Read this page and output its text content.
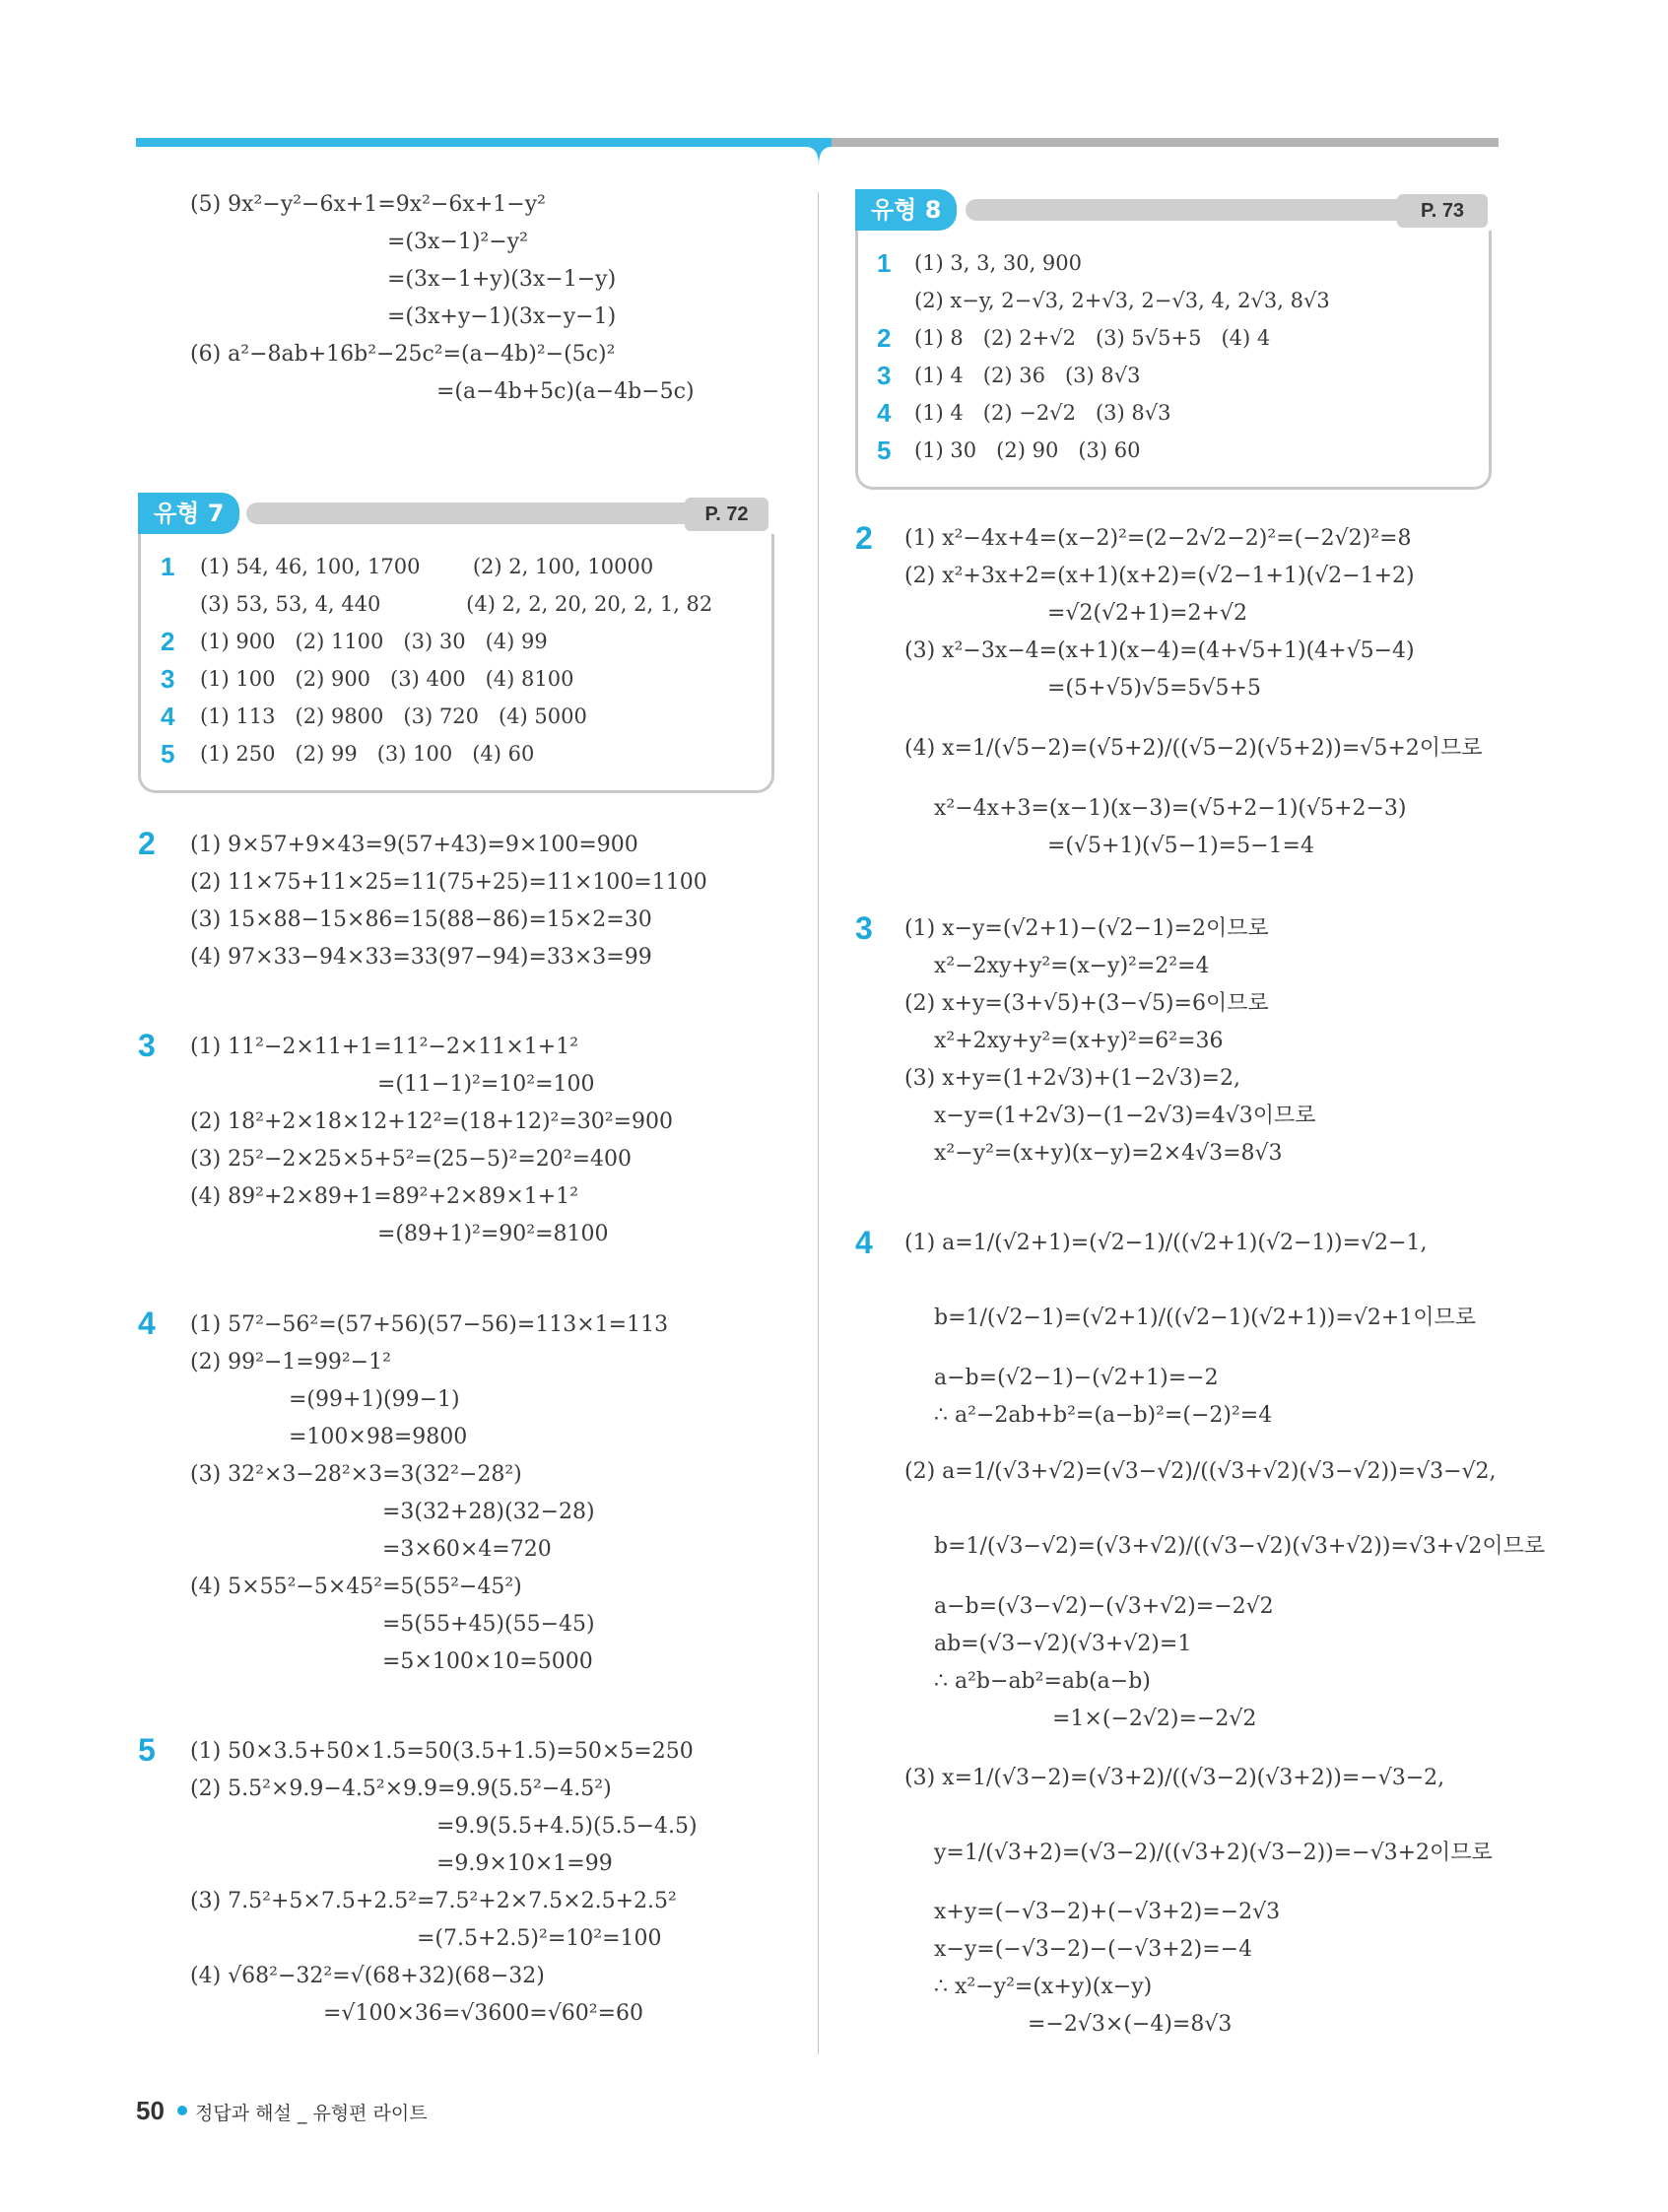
(5) 9x²−y²−6x+1=9x²−6x+1−y²
=(3x−1)²−y²
=(3x−1+y)(3x−1−y)
=(3x+y−1)(3x−y−1)
(6) a²−8ab+16b²−25c²=(a−4b)²−(5c)²
=(a−4b+5c)(a−4b−5c)
유형 7	P. 72
1 (1) 54, 46, 100, 1700        (2) 2, 100, 10000
(3) 53, 53, 4, 440             (4) 2, 2, 20, 20, 2, 1, 82
2 (1) 900   (2) 1100   (3) 30   (4) 99
3 (1) 100   (2) 900   (3) 400   (4) 8100
4 (1) 113   (2) 9800   (3) 720   (4) 5000
5 (1) 250   (2) 99   (3) 100   (4) 60
2 (1) 9×57+9×43=9(57+43)=9×100=900
(2) 11×75+11×25=11(75+25)=11×100=1100
(3) 15×88−15×86=15(88−86)=15×2=30
(4) 97×33−94×33=33(97−94)=33×3=99
3 (1) 11²−2×11+1=11²−2×11×1+1²
=(11−1)²=10²=100
(2) 18²+2×18×12+12²=(18+12)²=30²=900
(3) 25²−2×25×5+5²=(25−5)²=20²=400
(4) 89²+2×89+1=89²+2×89×1+1²
=(89+1)²=90²=8100
4 (1) 57²−56²=(57+56)(57−56)=113×1=113
(2) 99²−1=99²−1²
=(99+1)(99−1)
=100×98=9800
(3) 32²×3−28²×3=3(32²−28²)
=3(32+28)(32−28)
=3×60×4=720
(4) 5×55²−5×45²=5(55²−45²)
=5(55+45)(55−45)
=5×100×10=5000
5 (1) 50×3.5+50×1.5=50(3.5+1.5)=50×5=250
(2) 5.5²×9.9−4.5²×9.9=9.9(5.5²−4.5²)
=9.9(5.5+4.5)(5.5−4.5)
=9.9×10×1=99
(3) 7.5²+5×7.5+2.5²=7.5²+2×7.5×2.5+2.5²
=(7.5+2.5)²=10²=100
(4) √68²−32²=√(68+32)(68−32)
=√100×36=√3600=√60²=60
유형 8	P. 73
1 (1) 3, 3, 30, 900
(2) x−y, 2−√3, 2+√3, 2−√3, 4, 2√3, 8√3
2 (1) 8   (2) 2+√2   (3) 5√5+5   (4) 4
3 (1) 4   (2) 36   (3) 8√3
4 (1) 4   (2) −2√2   (3) 8√3
5 (1) 30   (2) 90   (3) 60
2 (1) x²−4x+4=(x−2)²=(2−2√2−2)²=(−2√2)²=8
(2) x²+3x+2=(x+1)(x+2)=(√2−1+1)(√2−1+2)
=√2(√2+1)=2+√2
(3) x²−3x−4=(x+1)(x−4)=(4+√5+1)(4+√5−4)
=(5+√5)√5=5√5+5
(4) x=1/(√5−2)=(√5+2)/((√5−2)(√5+2))=√5+2이므로
x²−4x+3=(x−1)(x−3)=(√5+2−1)(√5+2−3)
=(√5+1)(√5−1)=5−1=4
3 (1) x−y=(√2+1)−(√2−1)=2이므로
x²−2xy+y²=(x−y)²=2²=4
(2) x+y=(3+√5)+(3−√5)=6이므로
x²+2xy+y²=(x+y)²=6²=36
(3) x+y=(1+2√3)+(1−2√3)=2,
x−y=(1+2√3)−(1−2√3)=4√3이므로
x²−y²=(x+y)(x−y)=2×4√3=8√3
4 (1) a=1/(√2+1)=(√2−1)/((√2+1)(√2−1))=√2−1,
b=1/(√2−1)=(√2+1)/((√2−1)(√2+1))=√2+1이므로
a−b=(√2−1)−(√2+1)=−2
∴ a²−2ab+b²=(a−b)²=(−2)²=4
(2) a=1/(√3+√2)=(√3−√2)/((√3+√2)(√3−√2))=√3−√2,
b=1/(√3−√2)=(√3+√2)/((√3−√2)(√3+√2))=√3+√2이므로
a−b=(√3−√2)−(√3+√2)=−2√2
ab=(√3−√2)(√3+√2)=1
∴ a²b−ab²=ab(a−b)
=1×(−2√2)=−2√2
(3) x=1/(√3−2)=(√3+2)/((√3−2)(√3+2))=−√3−2,
y=1/(√3+2)=(√3−2)/((√3+2)(√3−2))=−√3+2이므로
x+y=(−√3−2)+(−√3+2)=−2√3
x−y=(−√3−2)−(−√3+2)=−4
∴ x²−y²=(x+y)(x−y)
=−2√3×(−4)=8√3
50 정답과 해설 _ 유형편 라이트
